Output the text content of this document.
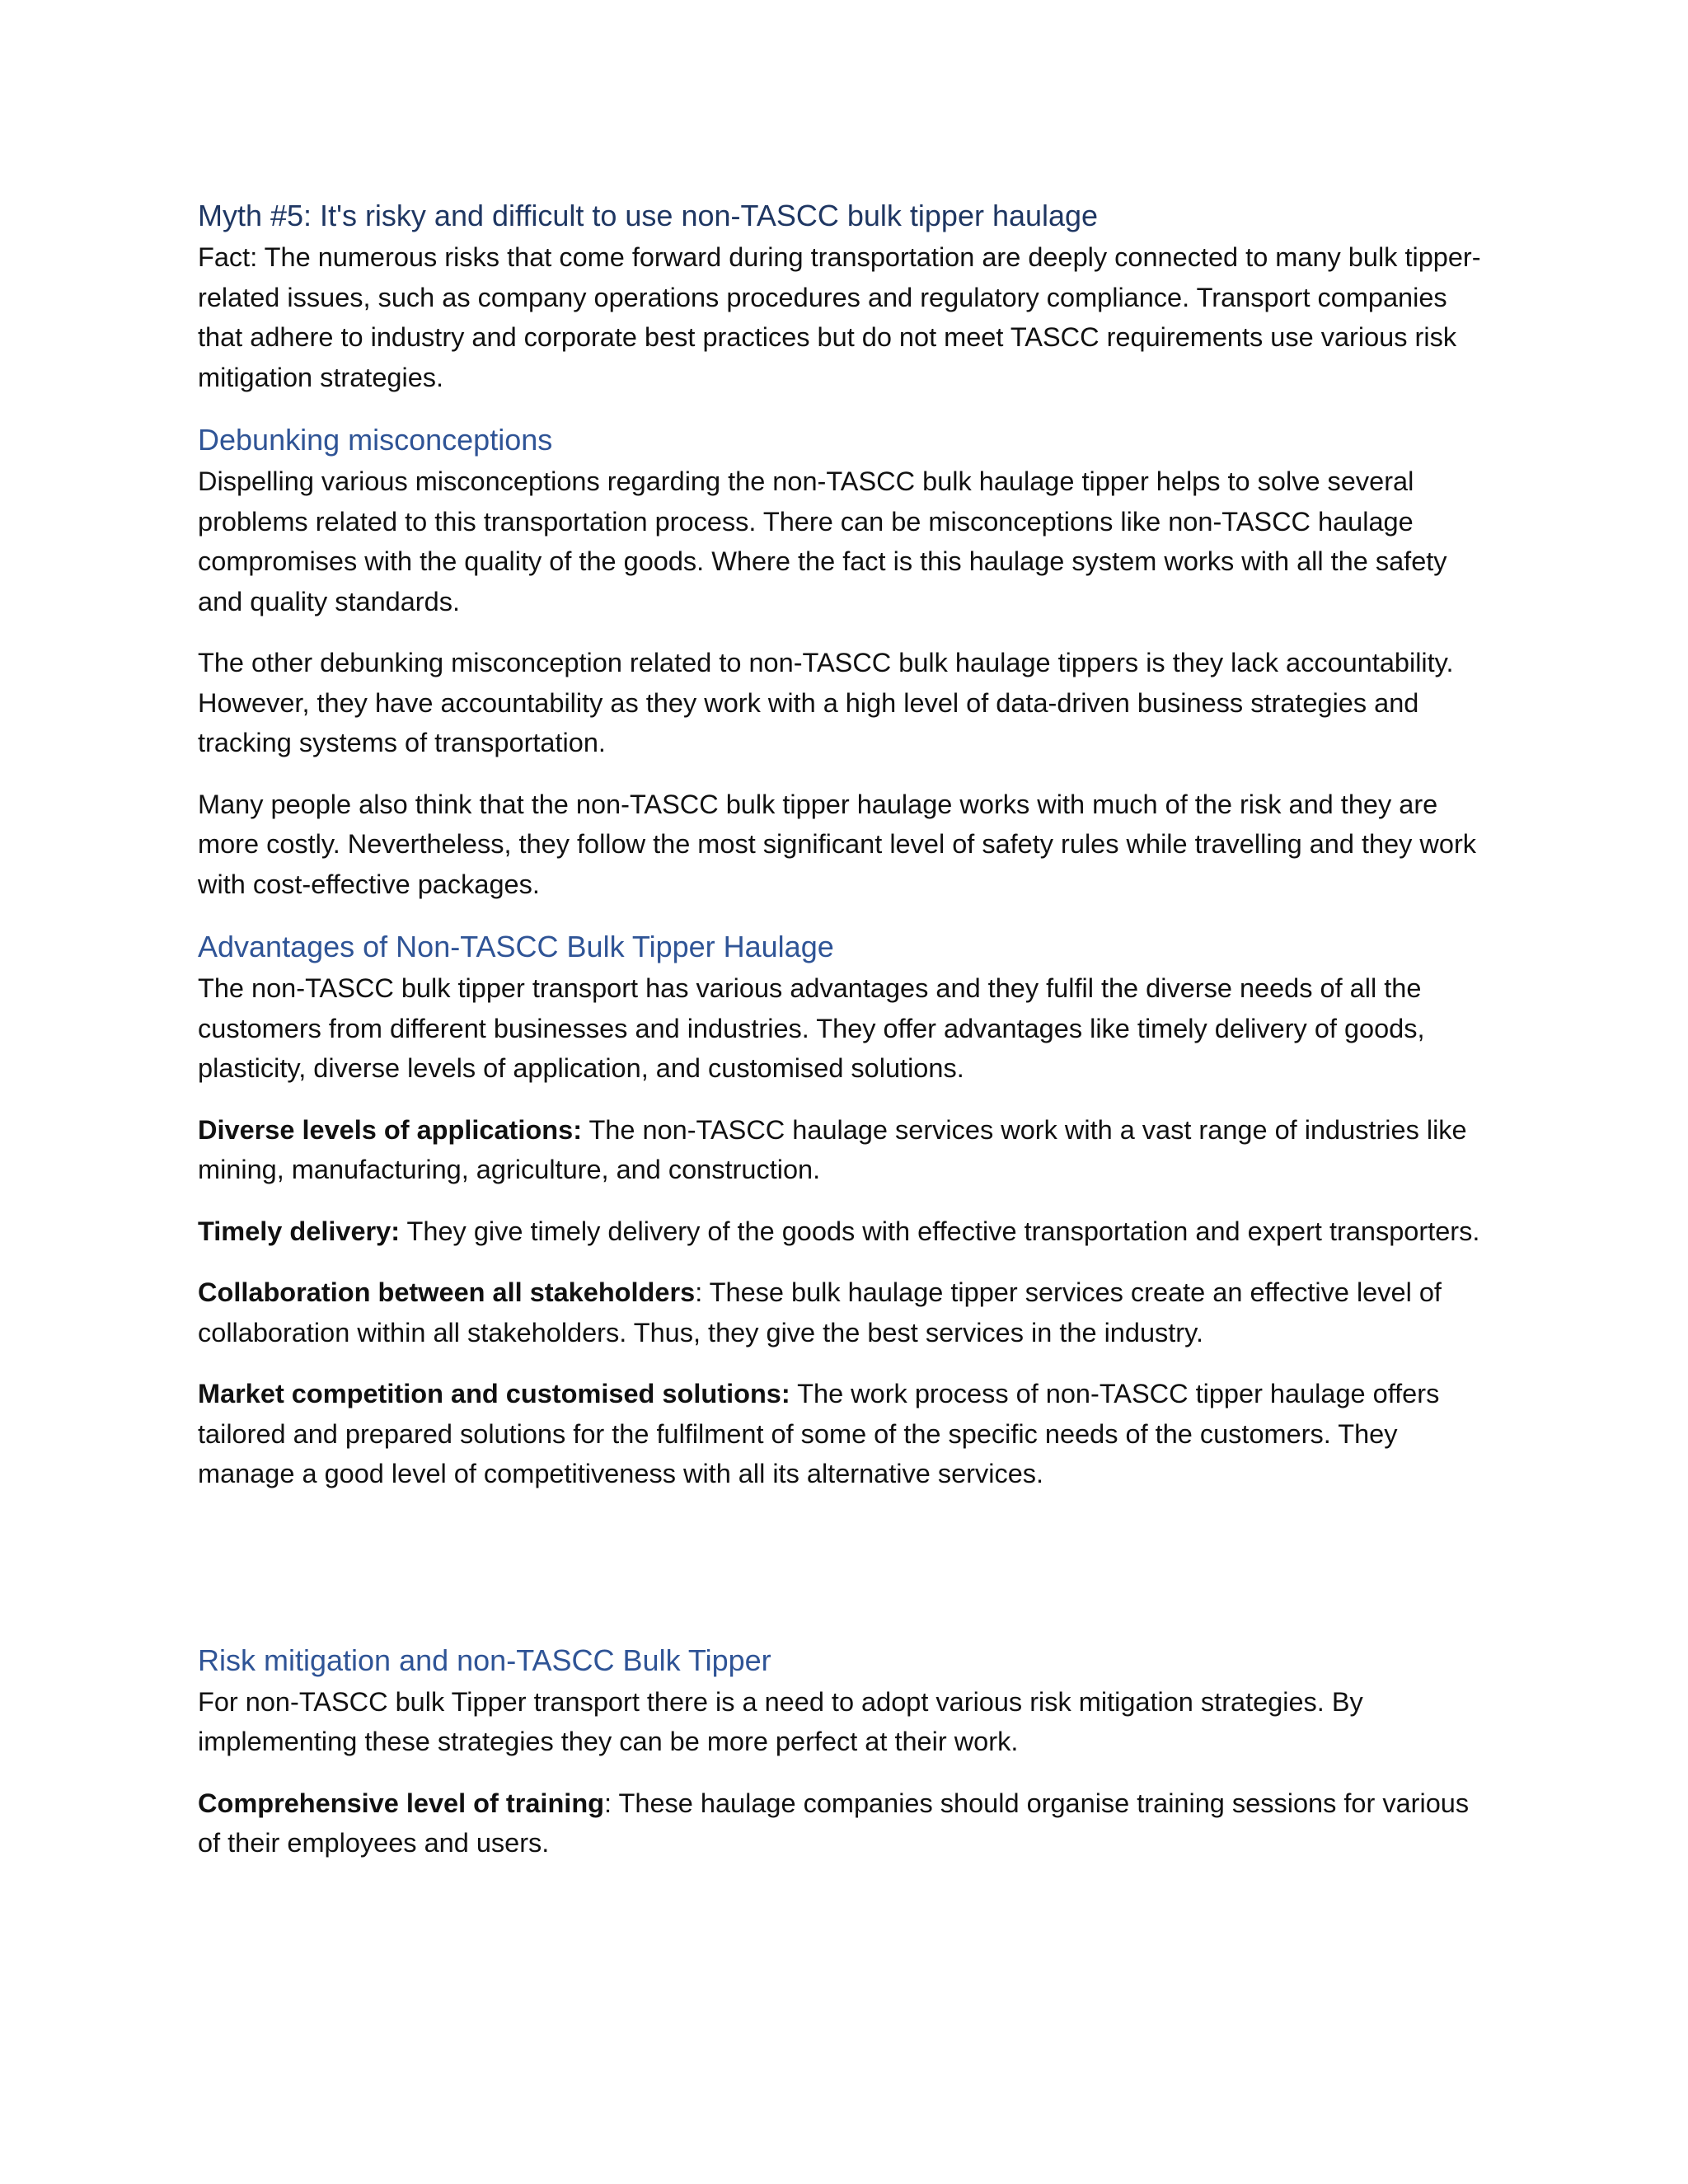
Myth #5: It's risky and difficult to use non-TASCC bulk tipper haulage

Fact: The numerous risks that come forward during transportation are deeply connected to many bulk tipper-related issues, such as company operations procedures and regulatory compliance. Transport companies that adhere to industry and corporate best practices but do not meet TASCC requirements use various risk mitigation strategies.

Debunking misconceptions

Dispelling various misconceptions regarding the non-TASCC bulk haulage tipper helps to solve several problems related to this transportation process. There can be misconceptions like non-TASCC haulage compromises with the quality of the goods. Where the fact is this haulage system works with all the safety and quality standards.

The other debunking misconception related to non-TASCC bulk haulage tippers is they lack accountability. However, they have accountability as they work with a high level of data-driven business strategies and tracking systems of transportation.

Many people also think that the non-TASCC bulk tipper haulage works with much of the risk and they are more costly. Nevertheless, they follow the most significant level of safety rules while travelling and they work with cost-effective packages.

Advantages of Non-TASCC Bulk Tipper Haulage

The non-TASCC bulk tipper transport has various advantages and they fulfil the diverse needs of all the customers from different businesses and industries. They offer advantages like timely delivery of goods, plasticity, diverse levels of application, and customised solutions.

Diverse levels of applications: The non-TASCC haulage services work with a vast range of industries like mining, manufacturing, agriculture, and construction.

Timely delivery: They give timely delivery of the goods with effective transportation and expert transporters.

Collaboration between all stakeholders: These bulk haulage tipper services create an effective level of collaboration within all stakeholders. Thus, they give the best services in the industry.

Market competition and customised solutions: The work process of non-TASCC tipper haulage offers tailored and prepared solutions for the fulfilment of some of the specific needs of the customers. They manage a good level of competitiveness with all its alternative services.

Risk mitigation and non-TASCC Bulk Tipper

For non-TASCC bulk Tipper transport there is a need to adopt various risk mitigation strategies. By implementing these strategies they can be more perfect at their work.

Comprehensive level of training: These haulage companies should organise training sessions for various of their employees and users.
